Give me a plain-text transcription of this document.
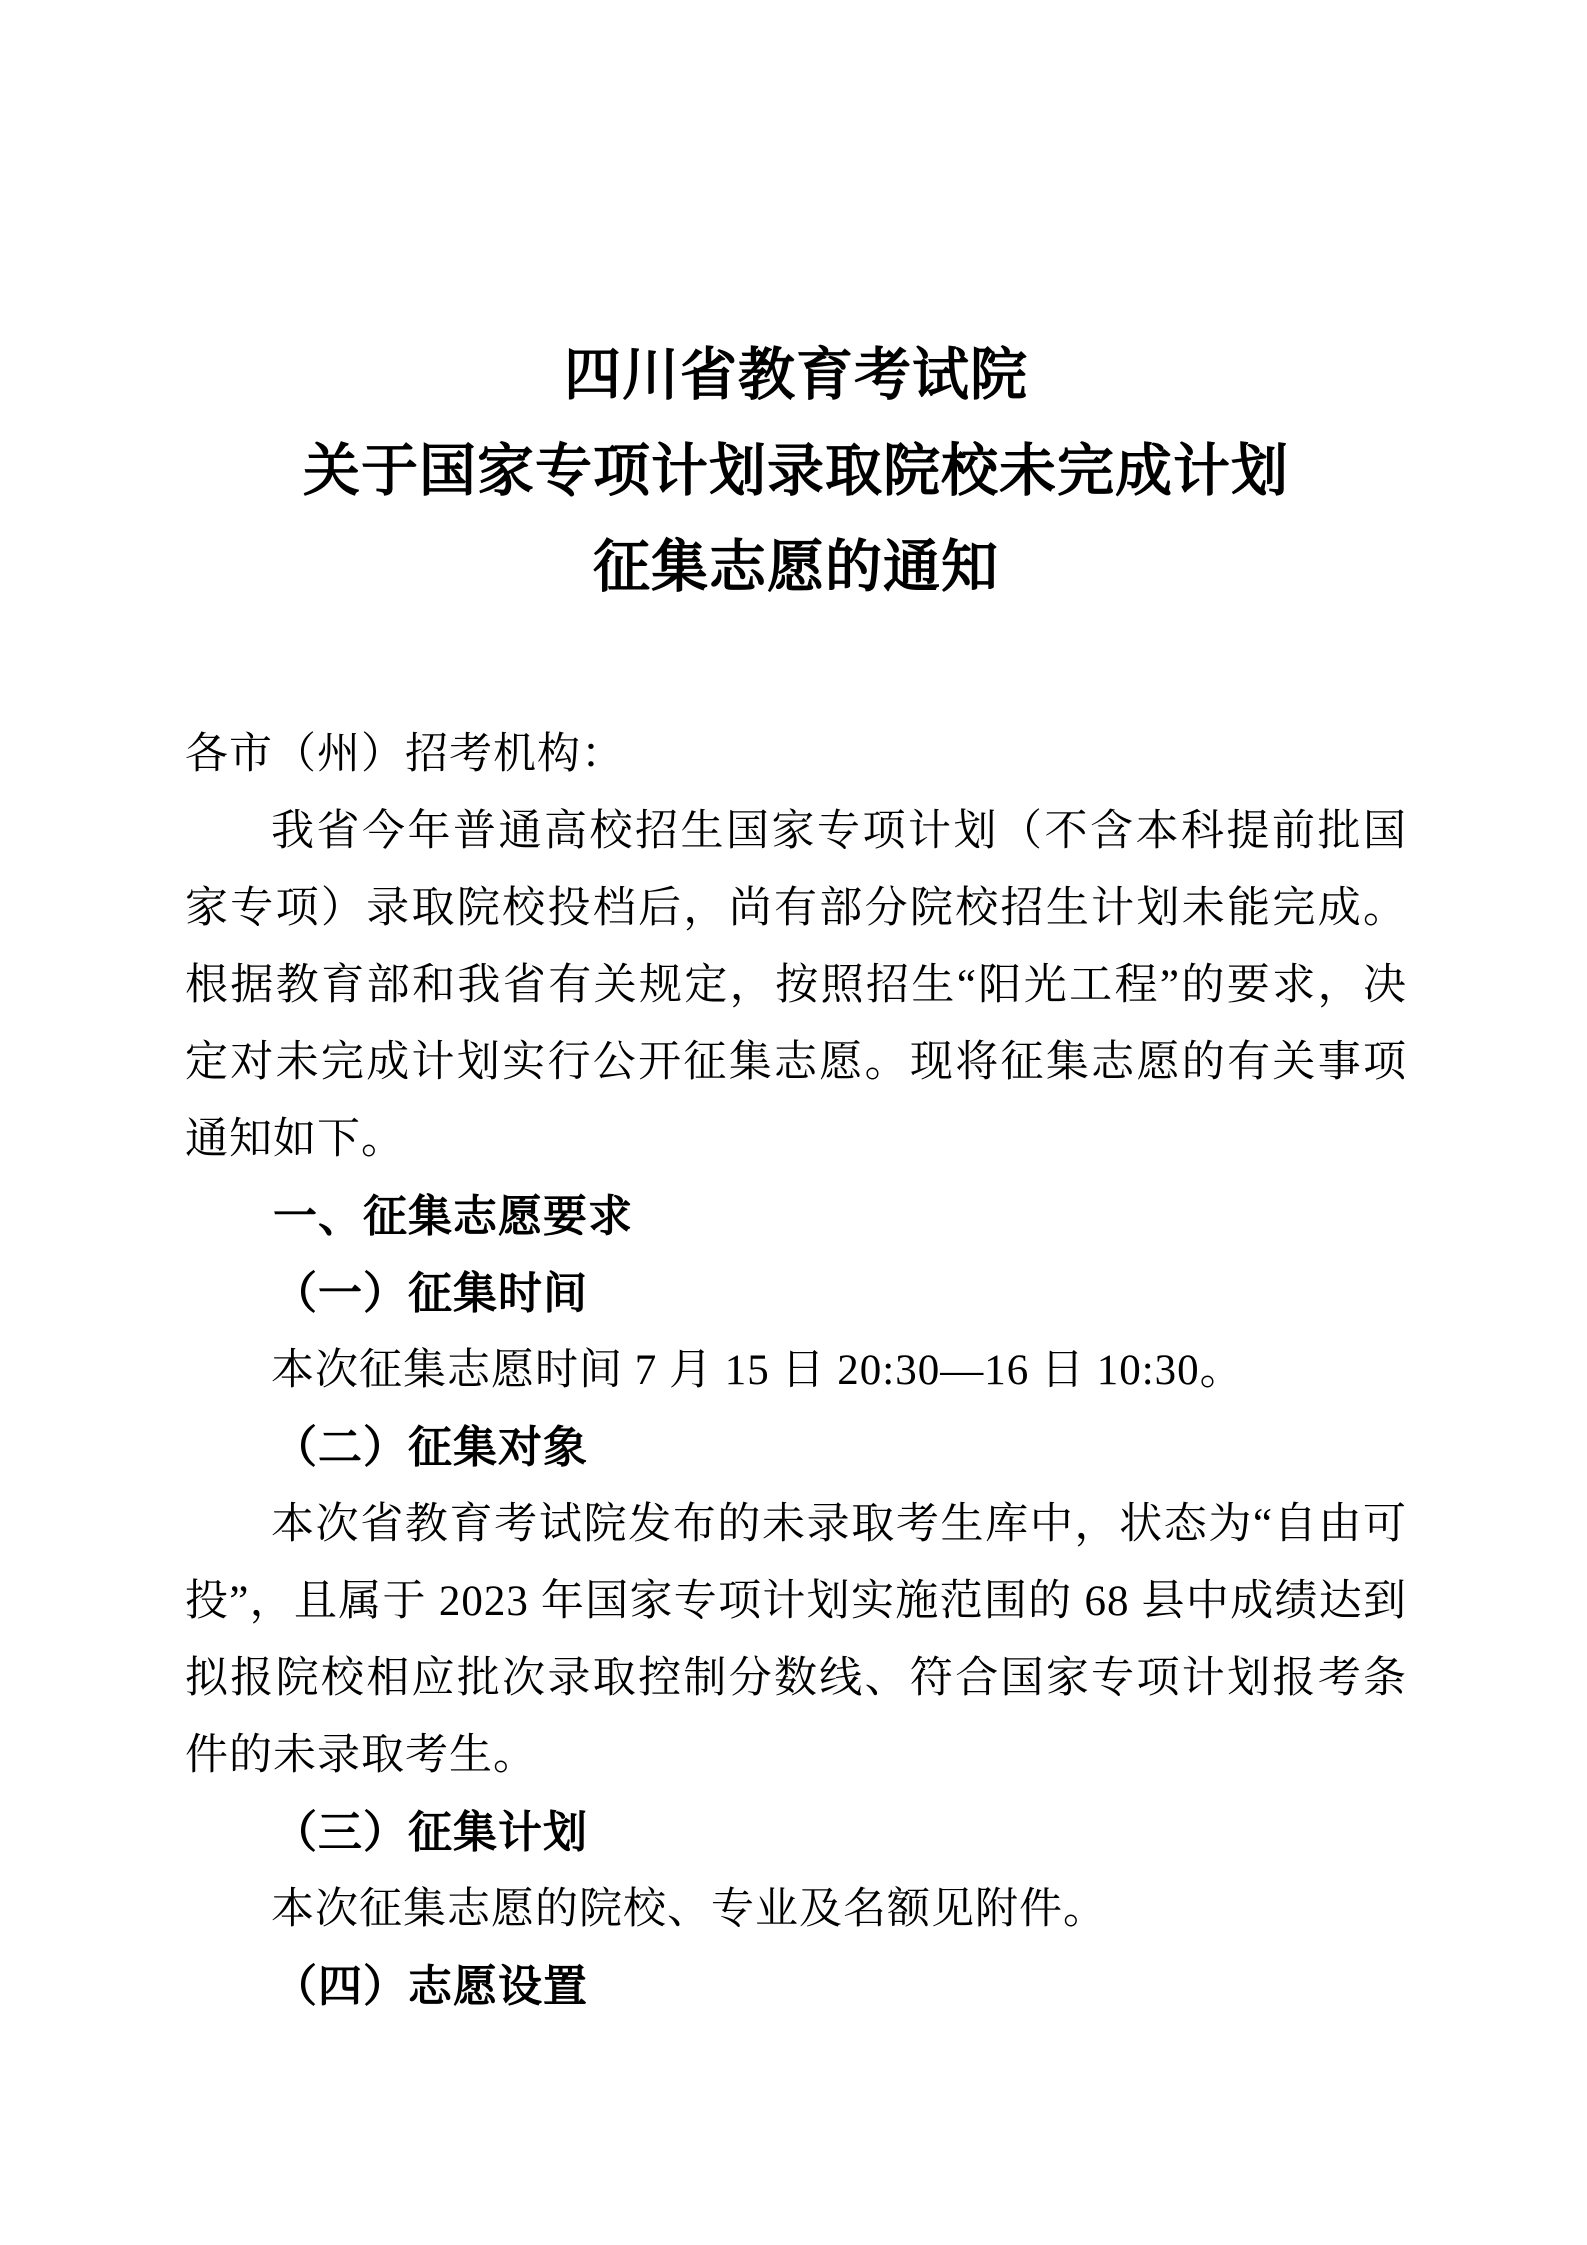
四川省教育考试院
关于国家专项计划录取院校未完成计划
征集志愿的通知

各市（州）招考机构：

我省今年普通高校招生国家专项计划（不含本科提前批国家专项）录取院校投档后，尚有部分院校招生计划未能完成。根据教育部和我省有关规定，按照招生“阳光工程”的要求，决定对未完成计划实行公开征集志愿。现将征集志愿的有关事项通知如下。

一、征集志愿要求

（一）征集时间

本次征集志愿时间 7 月 15 日 20:30—16 日 10:30。

（二）征集对象

本次省教育考试院发布的未录取考生库中，状态为“自由可投”，且属于 2023 年国家专项计划实施范围的 68 县中成绩达到拟报院校相应批次录取控制分数线、符合国家专项计划报考条件的未录取考生。

（三）征集计划

本次征集志愿的院校、专业及名额见附件。

（四）志愿设置
